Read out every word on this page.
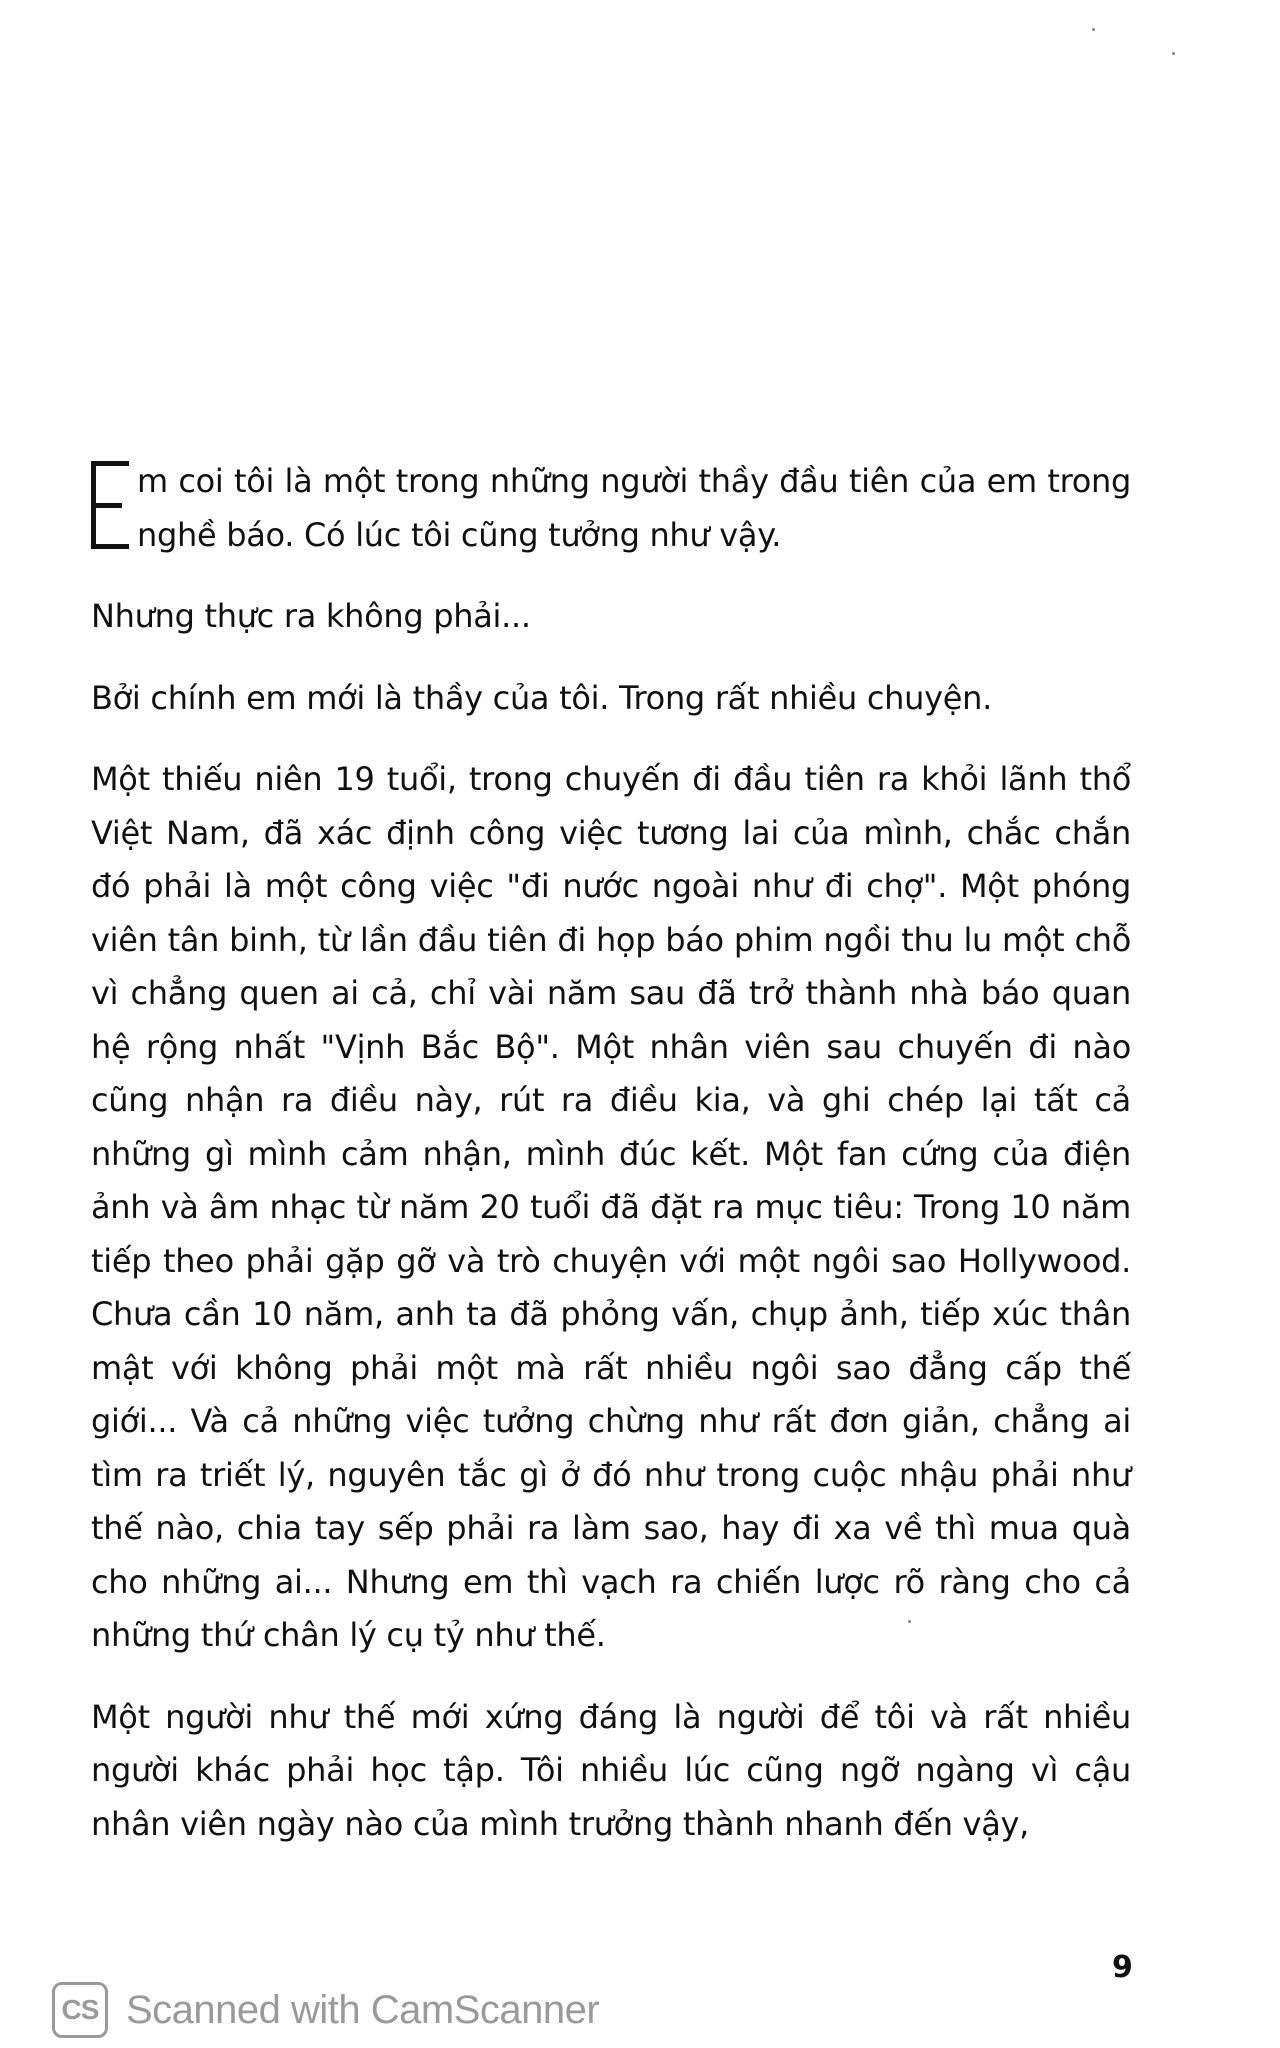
m coi tôi là một trong những người thầy đầu tiên của em trong nghề báo. Có lúc tôi cũng tưởng như vậy.

Nhưng thực ra không phải...

Bởi chính em mới là thầy của tôi. Trong rất nhiều chuyện.

Một thiếu niên 19 tuổi, trong chuyến đi đầu tiên ra khỏi lãnh thổ Việt Nam, đã xác định công việc tương lai của mình, chắc chắn đó phải là một công việc "đi nước ngoài như đi chợ". Một phóng viên tân binh, từ lần đầu tiên đi họp báo phim ngồi thu lu một chỗ vì chẳng quen ai cả, chỉ vài năm sau đã trở thành nhà báo quan hệ rộng nhất "Vịnh Bắc Bộ". Một nhân viên sau chuyến đi nào cũng nhận ra điều này, rút ra điều kia, và ghi chép lại tất cả những gì mình cảm nhận, mình đúc kết. Một fan cứng của điện ảnh và âm nhạc từ năm 20 tuổi đã đặt ra mục tiêu: Trong 10 năm tiếp theo phải gặp gỡ và trò chuyện với một ngôi sao Hollywood. Chưa cần 10 năm, anh ta đã phỏng vấn, chụp ảnh, tiếp xúc thân mật với không phải một mà rất nhiều ngôi sao đẳng cấp thế giới... Và cả những việc tưởng chừng như rất đơn giản, chẳng ai tìm ra triết lý, nguyên tắc gì ở đó như trong cuộc nhậu phải như thế nào, chia tay sếp phải ra làm sao, hay đi xa về thì mua quà cho những ai... Nhưng em thì vạch ra chiến lược rõ ràng cho cả những thứ chân lý cụ tỷ như thế.

Một người như thế mới xứng đáng là người để tôi và rất nhiều người khác phải học tập. Tôi nhiều lúc cũng ngỡ ngàng vì cậu nhân viên ngày nào của mình trưởng thành nhanh đến vậy,

9
CS Scanned with CamScanner
